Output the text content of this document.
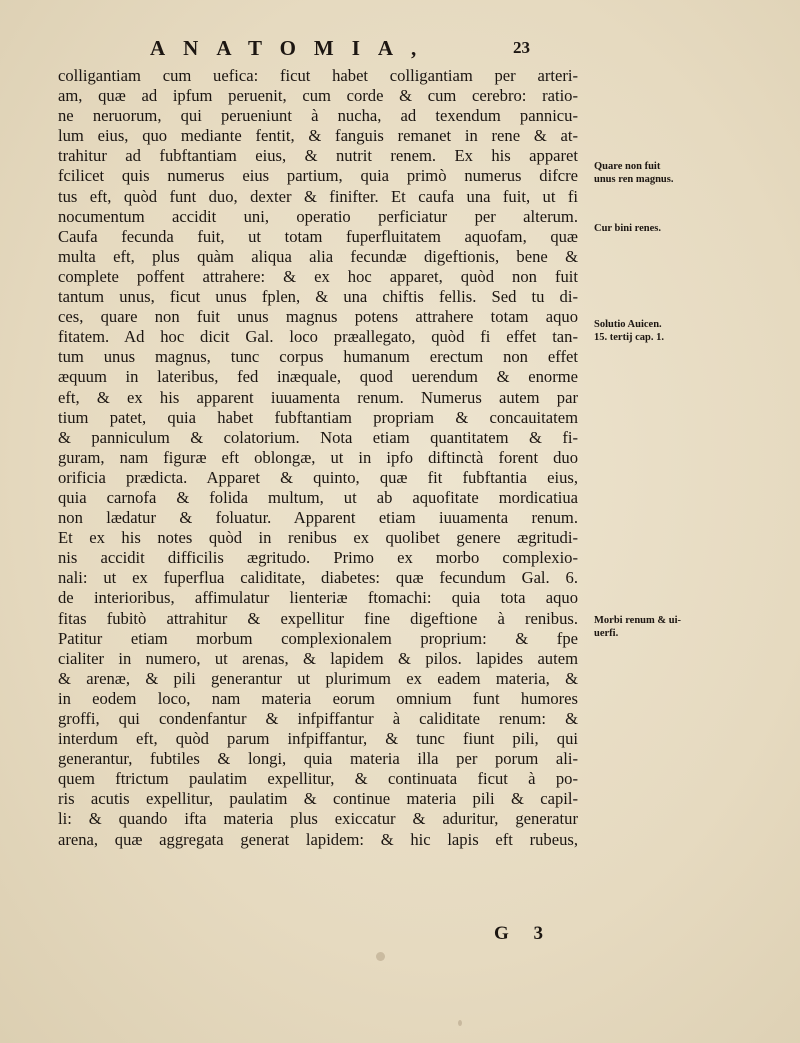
ANATOMIA,	23
colligantiam cum uefica: ficut habet colligantiam per arteri-
am, quæ ad ipfum peruenit, cum corde & cum cerebro: ratio-
ne neruorum, qui perueniunt à nucha, ad texendum pannicu-
lum eius, quo mediante fentit, & fanguis remanet in rene & at-
trahitur ad fubftantiam eius, & nutrit renem. Ex his apparet
fcilicet quis numerus eius partium, quia primò numerus difcre
tus eft, quòd funt duo, dexter & finifter. Et caufa una fuit, ut fi
nocumentum accidit uni, operatio perficiatur per alterum.
Caufa fecunda fuit, ut totam fuperfluitatem aquofam, quæ
multa eft, plus quàm aliqua alia fecundæ digeftionis, bene &
complete poffent attrahere: & ex hoc apparet, quòd non fuit
tantum unus, ficut unus fplen, & una chiftis fellis. Sed tu di-
ces, quare non fuit unus magnus potens attrahere totam aquo
fitatem. Ad hoc dicit Gal. loco præallegato, quòd fi effet tan-
tum unus magnus, tunc corpus humanum erectum non effet
æquum in lateribus, fed inæquale, quod uerendum & enorme
eft, & ex his apparent iuuamenta renum. Numerus autem par
tium patet, quia habet fubftantiam propriam & concauitatem
& panniculum & colatorium. Nota etiam quantitatem & fi-
guram, nam figuræ eft oblongæ, ut in ipfo diftinctà forent duo
orificia prædicta. Apparet & quinto, quæ fit fubftantia eius,
quia carnofa & folida multum, ut ab aquofitate mordicatiua
non lædatur & foluatur. Apparent etiam iuuamenta renum.
Et ex his notes quòd in renibus ex quolibet genere ægritudi-
nis accidit difficilis ægritudo. Primo ex morbo complexio-
nali: ut ex fuperflua caliditate, diabetes: quæ fecundum Gal. 6.
de interioribus, affimulatur lienteriæ ftomachi: quia tota aquo
fitas fubitò attrahitur & expellitur fine digeftione à renibus.
Patitur etiam morbum complexionalem proprium: & fpe
cialiter in numero, ut arenas, & lapidem & pilos. lapides autem
& arenæ, & pili generantur ut plurimum ex eadem materia, &
in eodem loco, nam materia eorum omnium funt humores
groffi, qui condenfantur & infpiffantur à caliditate renum: &
interdum eft, quòd parum infpiffantur, & tunc fiunt pili, qui
generantur, fubtiles & longi, quia materia illa per porum ali-
quem ftrictum paulatim expellitur, & continuata ficut à po-
ris acutis expellitur, paulatim & continue materia pili & capil-
li: & quando ifta materia plus exiccatur & aduritur, generatur
arena, quæ aggregata generat lapidem: & hic lapis eft rubeus,
Quare non fuit
unus ren magnus.
Cur bini renes.
Solutio Auicen.
15. tertij cap. 1.
Morbi renum & ui-
uerfi.
G 3
